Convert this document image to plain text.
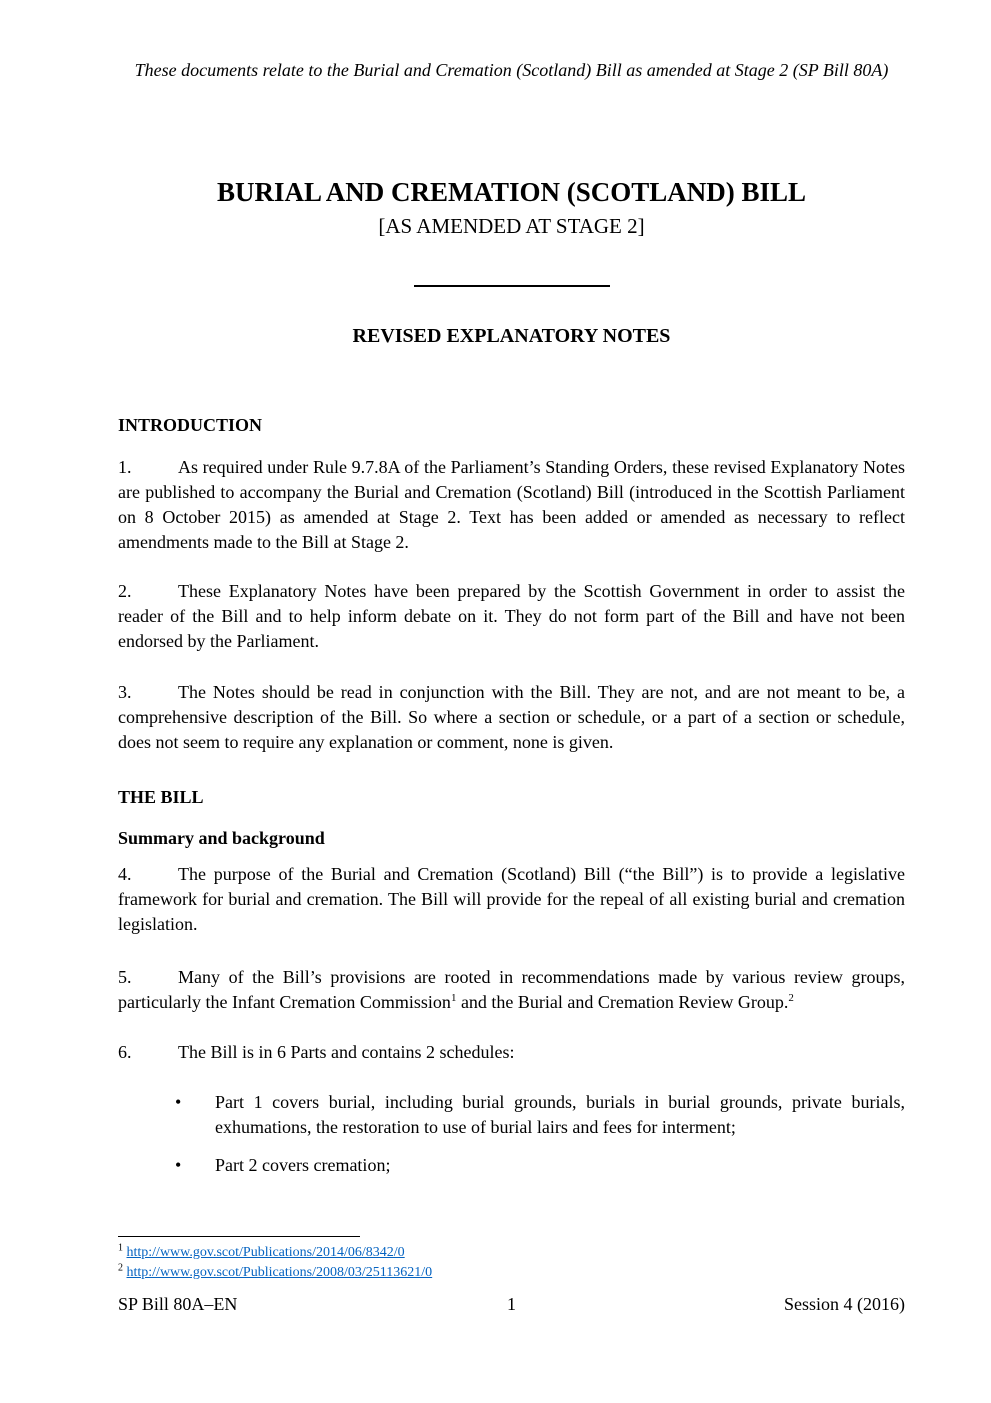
These documents relate to the Burial and Cremation (Scotland) Bill as amended at Stage 2 (SP Bill 80A)

BURIAL AND CREMATION (SCOTLAND) BILL

[AS AMENDED AT STAGE 2]

REVISED EXPLANATORY NOTES
INTRODUCTION

1.	As required under Rule 9.7.8A of the Parliament’s Standing Orders, these revised Explanatory Notes are published to accompany the Burial and Cremation (Scotland) Bill (introduced in the Scottish Parliament on 8 October 2015) as amended at Stage 2. Text has been added or amended as necessary to reflect amendments made to the Bill at Stage 2.

2.	These Explanatory Notes have been prepared by the Scottish Government in order to assist the reader of the Bill and to help inform debate on it. They do not form part of the Bill and have not been endorsed by the Parliament.

3.	The Notes should be read in conjunction with the Bill. They are not, and are not meant to be, a comprehensive description of the Bill. So where a section or schedule, or a part of a section or schedule, does not seem to require any explanation or comment, none is given.

THE BILL
Summary and background

4.	The purpose of the Burial and Cremation (Scotland) Bill (“the Bill”) is to provide a legislative framework for burial and cremation. The Bill will provide for the repeal of all existing burial and cremation legislation.

5.	Many of the Bill’s provisions are rooted in recommendations made by various review groups, particularly the Infant Cremation Commission$^1$ and the Burial and Cremation Review Group.$^2$

6.	The Bill is in 6 Parts and contains 2 schedules:

• Part 1 covers burial, including burial grounds, burials in burial grounds, private burials, exhumations, the restoration to use of burial lairs and fees for interment;
• Part 2 covers cremation;
$^1$ http://www.gov.scot/Publications/2014/06/8342/0
$^2$ http://www.gov.scot/Publications/2008/03/25113621/0
SP Bill 80A–EN	1	Session 4 (2016)
